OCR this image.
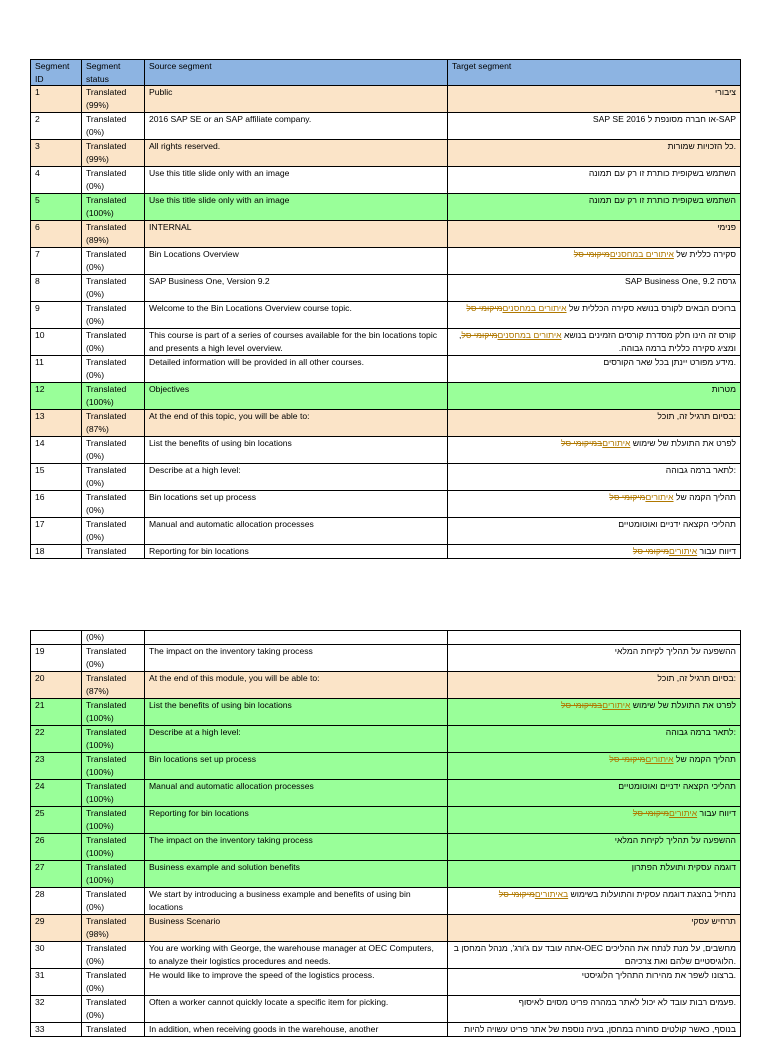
Segment ID	Segment status	Source segment	Target segment
1	Translated (99%)	Public	ציבורי
2	Translated (0%)	2016 SAP SE or an SAP affiliate company.	SAP SE 2016 או חברה מסונפת ל-SAP
3	Translated (99%)	All rights reserved.	כל הזכויות שמורות.
4	Translated (0%)	Use this title slide only with an image	השתמש בשקופית כותרת זו רק עם תמונה
5	Translated (100%)	Use this title slide only with an image	השתמש בשקופית כותרת זו רק עם תמונה
6	Translated (89%)	INTERNAL	פנימי
7	Translated (0%)	Bin Locations Overview	סקירה כללית של איתורים במחסניםמיקומי סל
8	Translated (0%)	SAP Business One, Version 9.2	SAP Business One, גרסה 9.2
9	Translated (0%)	Welcome to the Bin Locations Overview course topic.	ברוכים הבאים לקורס בנושא סקירה הכללית של איתורים במחסניםמיקומי סל
10	Translated (0%)	This course is part of a series of courses available for the bin locations topic and presents a high level overview.	קורס זה הינו חלק מסדרת קורסים הזמינים בנושא איתורים במחסניםמיקומי סל, ומציג סקירה כללית ברמה גבוהה.
11	Translated (0%)	Detailed information will be provided in all other courses.	מידע מפורט יינתן בכל שאר הקורסים.
12	Translated (100%)	Objectives	מטרות
13	Translated (87%)	At the end of this topic, you will be able to:	בסיום תרגיל זה, תוכל:
14	Translated (0%)	List the benefits of using bin locations	לפרט את התועלת של שימוש איתוריםבמיקומי סל
15	Translated (0%)	Describe at a high level:	לתאר ברמה גבוהה:
16	Translated (0%)	Bin locations set up process	תהליך הקמה של איתוריםמיקומי סל
17	Translated (0%)	Manual and automatic allocation processes	תהליכי הקצאה ידניים ואוטומטיים
18	Translated	Reporting for bin locations	דיווח עבור איתוריםמיקומי סל
	(0%)		
19	Translated (0%)	The impact on the inventory taking process	ההשפעה על תהליך לקיחת המלאי
20	Translated (87%)	At the end of this module, you will be able to:	בסיום תרגיל זה, תוכל:
21	Translated (100%)	List the benefits of using bin locations	לפרט את התועלת של שימוש איתוריםבמיקומי סל
22	Translated (100%)	Describe at a high level:	לתאר ברמה גבוהה:
23	Translated (100%)	Bin locations set up process	תהליך הקמה של איתוריםמיקומי סל
24	Translated (100%)	Manual and automatic allocation processes	תהליכי הקצאה ידניים ואוטומטיים
25	Translated (100%)	Reporting for bin locations	דיווח עבור איתוריםמיקומי סל
26	Translated (100%)	The impact on the inventory taking process	ההשפעה על תהליך לקיחת המלאי
27	Translated (100%)	Business example and solution benefits	דוגמה עסקית ותועלת הפתרון
28	Translated (0%)	We start by introducing a business example and benefits of using bin locations	נתחיל בהצגת דוגמה עסקית והתועלות בשימוש באיתוריםמיקומי סל
29	Translated (98%)	Business Scenario	תרחיש עסקי
30	Translated (0%)	You are working with George, the warehouse manager at OEC Computers, to analyze their logistics procedures and needs.	אתה עובד עם ג'ורג', מנהל המחסן ב-OEC מחשבים, על מנת לנתח את ההליכים הלוגיסטיים שלהם ואת צרכיהם.
31	Translated (0%)	He would like to improve the speed of the logistics process.	ברצונו לשפר את מהירות התהליך הלוגיסטי.
32	Translated (0%)	Often a worker cannot quickly locate a specific item for picking.	פעמים רבות עובד לא יכול לאתר במהרה פריט מסוים לאיסוף.
33	Translated	In addition, when receiving goods in the warehouse, another	בנוסף, כאשר קולטים סחורה במחסן, בעיה נוספת של אתר פריט עשויה להיות
